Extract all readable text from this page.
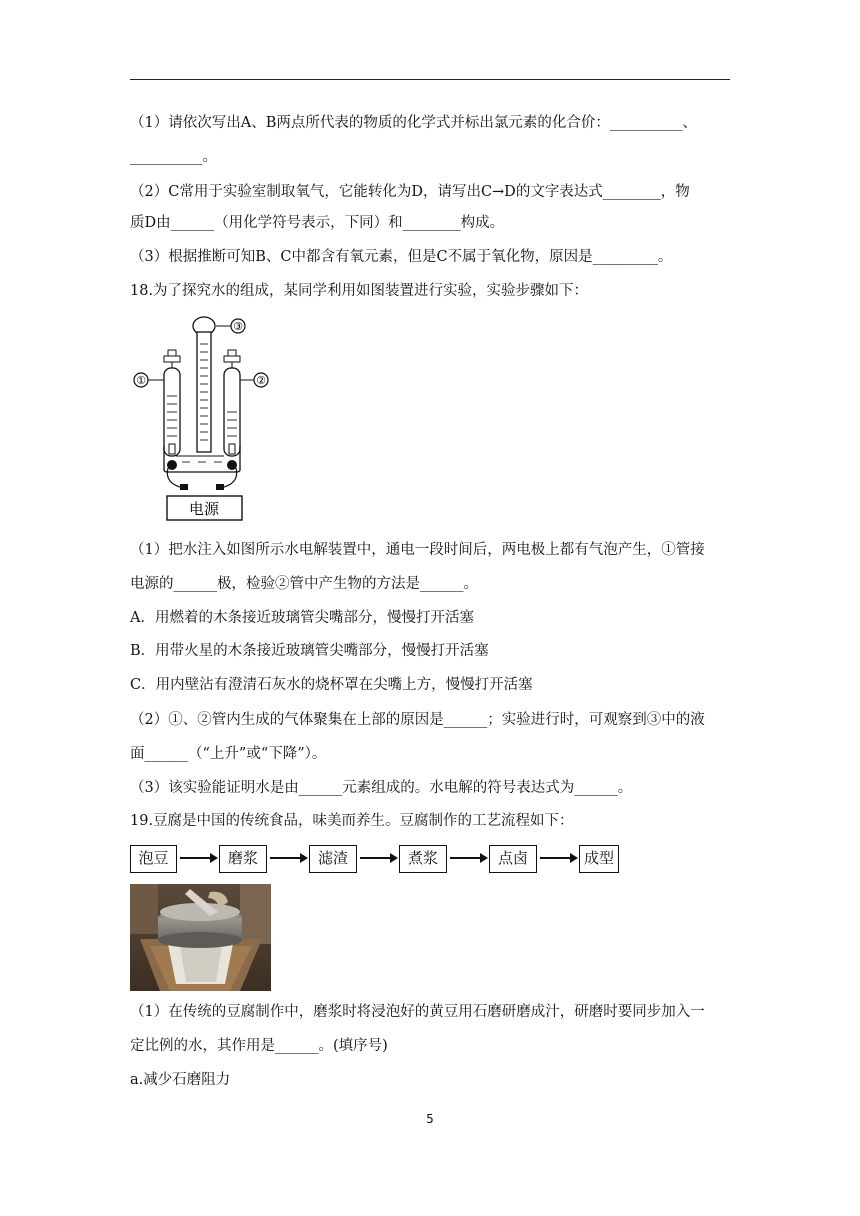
（1）请依次写出A、B两点所代表的物质的化学式并标出氯元素的化合价：__________、
__________。
（2）C常用于实验室制取氧气，它能转化为D，请写出C→D的文字表达式________，物
质D由______（用化学符号表示，下同）和________构成。
（3）根据推断可知B、C中都含有氧元素，但是C不属于氧化物，原因是_________。
18.为了探究水的组成，某同学利用如图装置进行实验，实验步骤如下：
③
①	②
电源
（1）把水注入如图所示水电解装置中，通电一段时间后，两电极上都有气泡产生，①管接
电源的______极，检验②管中产生物的方法是______。
A．用燃着的木条接近玻璃管尖嘴部分，慢慢打开活塞
B．用带火星的木条接近玻璃管尖嘴部分，慢慢打开活塞
C．用内壁沾有澄清石灰水的烧杯罩在尖嘴上方，慢慢打开活塞
（2）①、②管内生成的气体聚集在上部的原因是______；实验进行时，可观察到③中的液
面______（“上升”或“下降”）。
（3）该实验能证明水是由______元素组成的。水电解的符号表达式为______。
19.豆腐是中国的传统食品，味美而养生。豆腐制作的工艺流程如下：
泡豆	磨浆	滤渣	煮浆	点卤	成型
（1）在传统的豆腐制作中，磨浆时将浸泡好的黄豆用石磨研磨成汁，研磨时要同步加入一
定比例的水，其作用是______。(填序号)
a.减少石磨阻力
5
